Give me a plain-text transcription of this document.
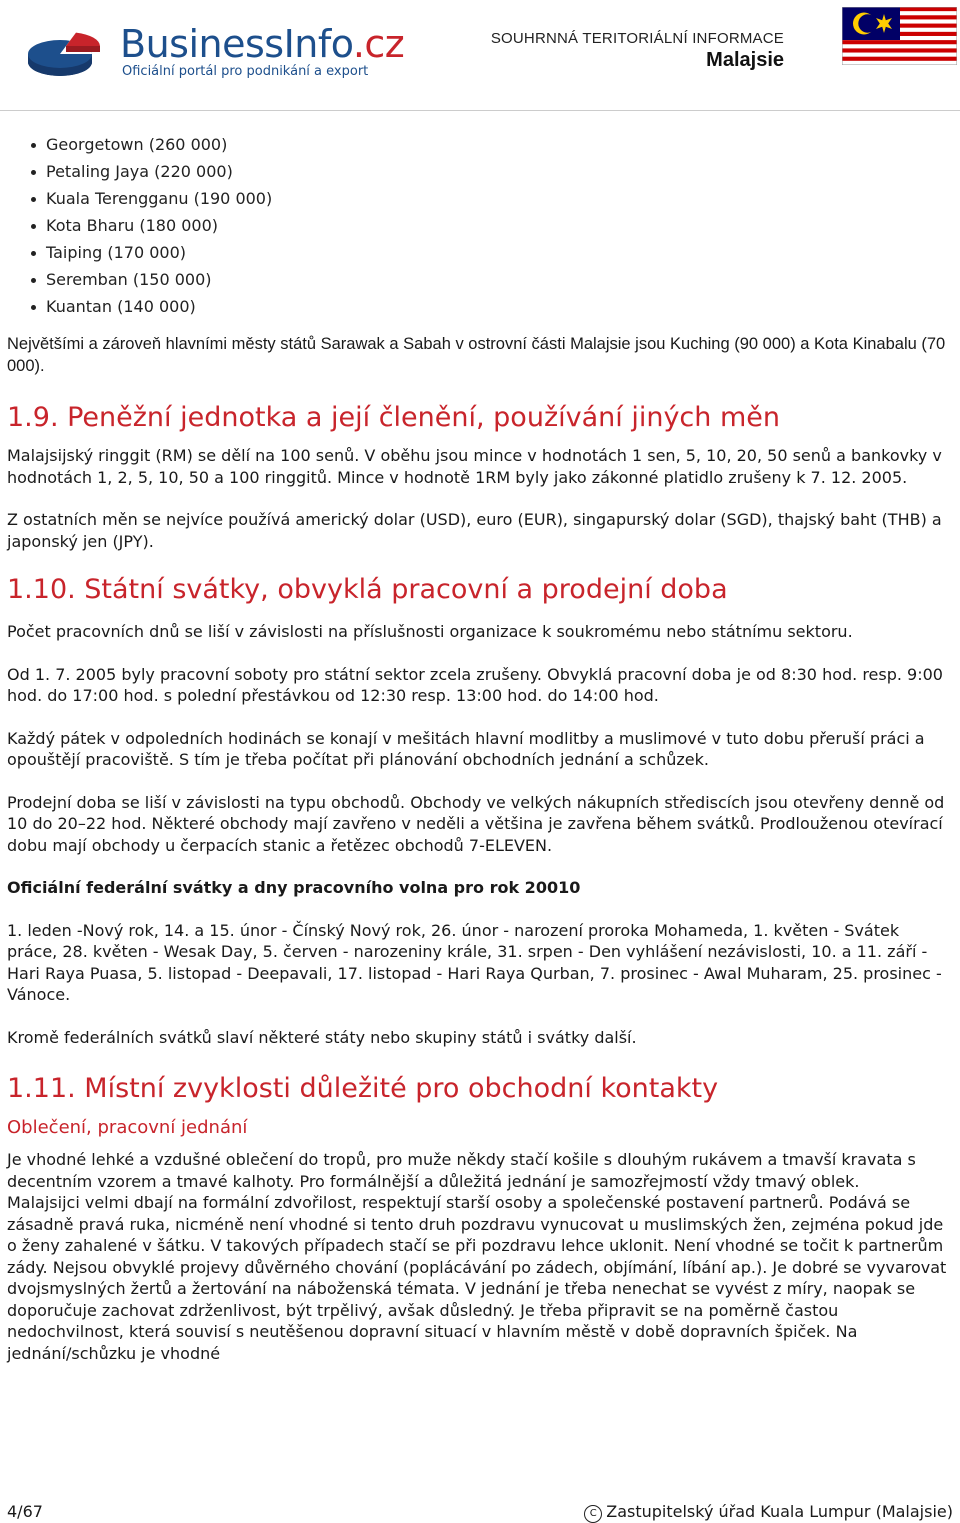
BusinessInfo.cz
Oficiální portál pro podnikání a export
SOUHRNNÁ TERITORIÁLNÍ INFORMACE
Malajsie
Georgetown (260 000)
Petaling Jaya (220 000)
Kuala Terengganu (190 000)
Kota Bharu (180 000)
Taiping (170 000)
Seremban (150 000)
Kuantan (140 000)

Největšími a zároveň hlavními městy států Sarawak a Sabah v ostrovní části Malajsie jsou Kuching (90 000) a Kota Kinabalu (70 000).

1.9. Peněžní jednotka a její členění, používání jiných měn

Malajsijský ringgit (RM) se dělí na 100 senů. V oběhu jsou mince v hodnotách 1 sen, 5, 10, 20, 50 senů a bankovky v hodnotách 1, 2, 5, 10, 50 a 100 ringgitů. Mince v hodnotě 1RM byly jako zákonné platidlo zrušeny k 7. 12. 2005.

Z ostatních měn se nejvíce používá americký dolar (USD), euro (EUR), singapurský dolar (SGD), thajský baht (THB) a japonský jen (JPY).

1.10. Státní svátky, obvyklá pracovní a prodejní doba

Počet pracovních dnů se liší v závislosti na příslušnosti organizace k soukromému nebo státnímu sektoru.

Od 1. 7. 2005 byly pracovní soboty pro státní sektor zcela zrušeny. Obvyklá pracovní doba je od 8:30 hod. resp. 9:00 hod. do 17:00 hod. s polední přestávkou od 12:30 resp. 13:00 hod. do 14:00 hod.

Každý pátek v odpoledních hodinách se konají v mešitách hlavní modlitby a muslimové v tuto dobu přeruší práci a opouštějí pracoviště. S tím je třeba počítat při plánování obchodních jednání a schůzek.

Prodejní doba se liší v závislosti na typu obchodů. Obchody ve velkých nákupních střediscích jsou otevřeny denně od 10 do 20–22 hod. Některé obchody mají zavřeno v neděli a většina je zavřena během svátků. Prodlouženou otevírací dobu mají obchody u čerpacích stanic a řetězec obchodů 7-ELEVEN.

Oficiální federální svátky a dny pracovního volna pro rok 20010

1. leden -Nový rok, 14. a 15. únor - Čínský Nový rok, 26. únor - narození proroka Mohameda, 1. květen - Svátek práce, 28. květen - Wesak Day, 5. červen - narozeniny krále, 31. srpen - Den vyhlášení nezávislosti, 10. a 11. září - Hari Raya Puasa, 5. listopad - Deepavali, 17. listopad - Hari Raya Qurban, 7. prosinec - Awal Muharam, 25. prosinec - Vánoce.

Kromě federálních svátků slaví některé státy nebo skupiny států i svátky další.

1.11. Místní zvyklosti důležité pro obchodní kontakty
Oblečení, pracovní jednání

Je vhodné lehké a vzdušné oblečení do tropů, pro muže někdy stačí košile s dlouhým rukávem a tmavší kravata s decentním vzorem a tmavé kalhoty. Pro formálnější a důležitá jednání je samozřejmostí vždy tmavý oblek.

Malajsijci velmi dbají na formální zdvořilost, respektují starší osoby a společenské postavení partnerů. Podává se zásadně pravá ruka, nicméně není vhodné si tento druh pozdravu vynucovat u muslimských žen, zejména pokud jde o ženy zahalené v šátku. V takových případech stačí se při pozdravu lehce uklonit. Není vhodné se točit k partnerům zády. Nejsou obvyklé projevy důvěrného chování (poplácávání po zádech, objímání, líbání ap.). Je dobré se vyvarovat dvojsmyslných žertů a žertování na náboženská témata. V jednání je třeba nenechat se vyvést z míry, naopak se doporučuje zachovat zdrženlivost, být trpělivý, avšak důsledný. Je třeba připravit se na poměrně častou nedochvilnost, která souvisí s neutěšenou dopravní situací v hlavním městě v době dopravních špiček. Na jednání/schůzku je vhodné

4/67	C Zastupitelský úřad Kuala Lumpur (Malajsie)
